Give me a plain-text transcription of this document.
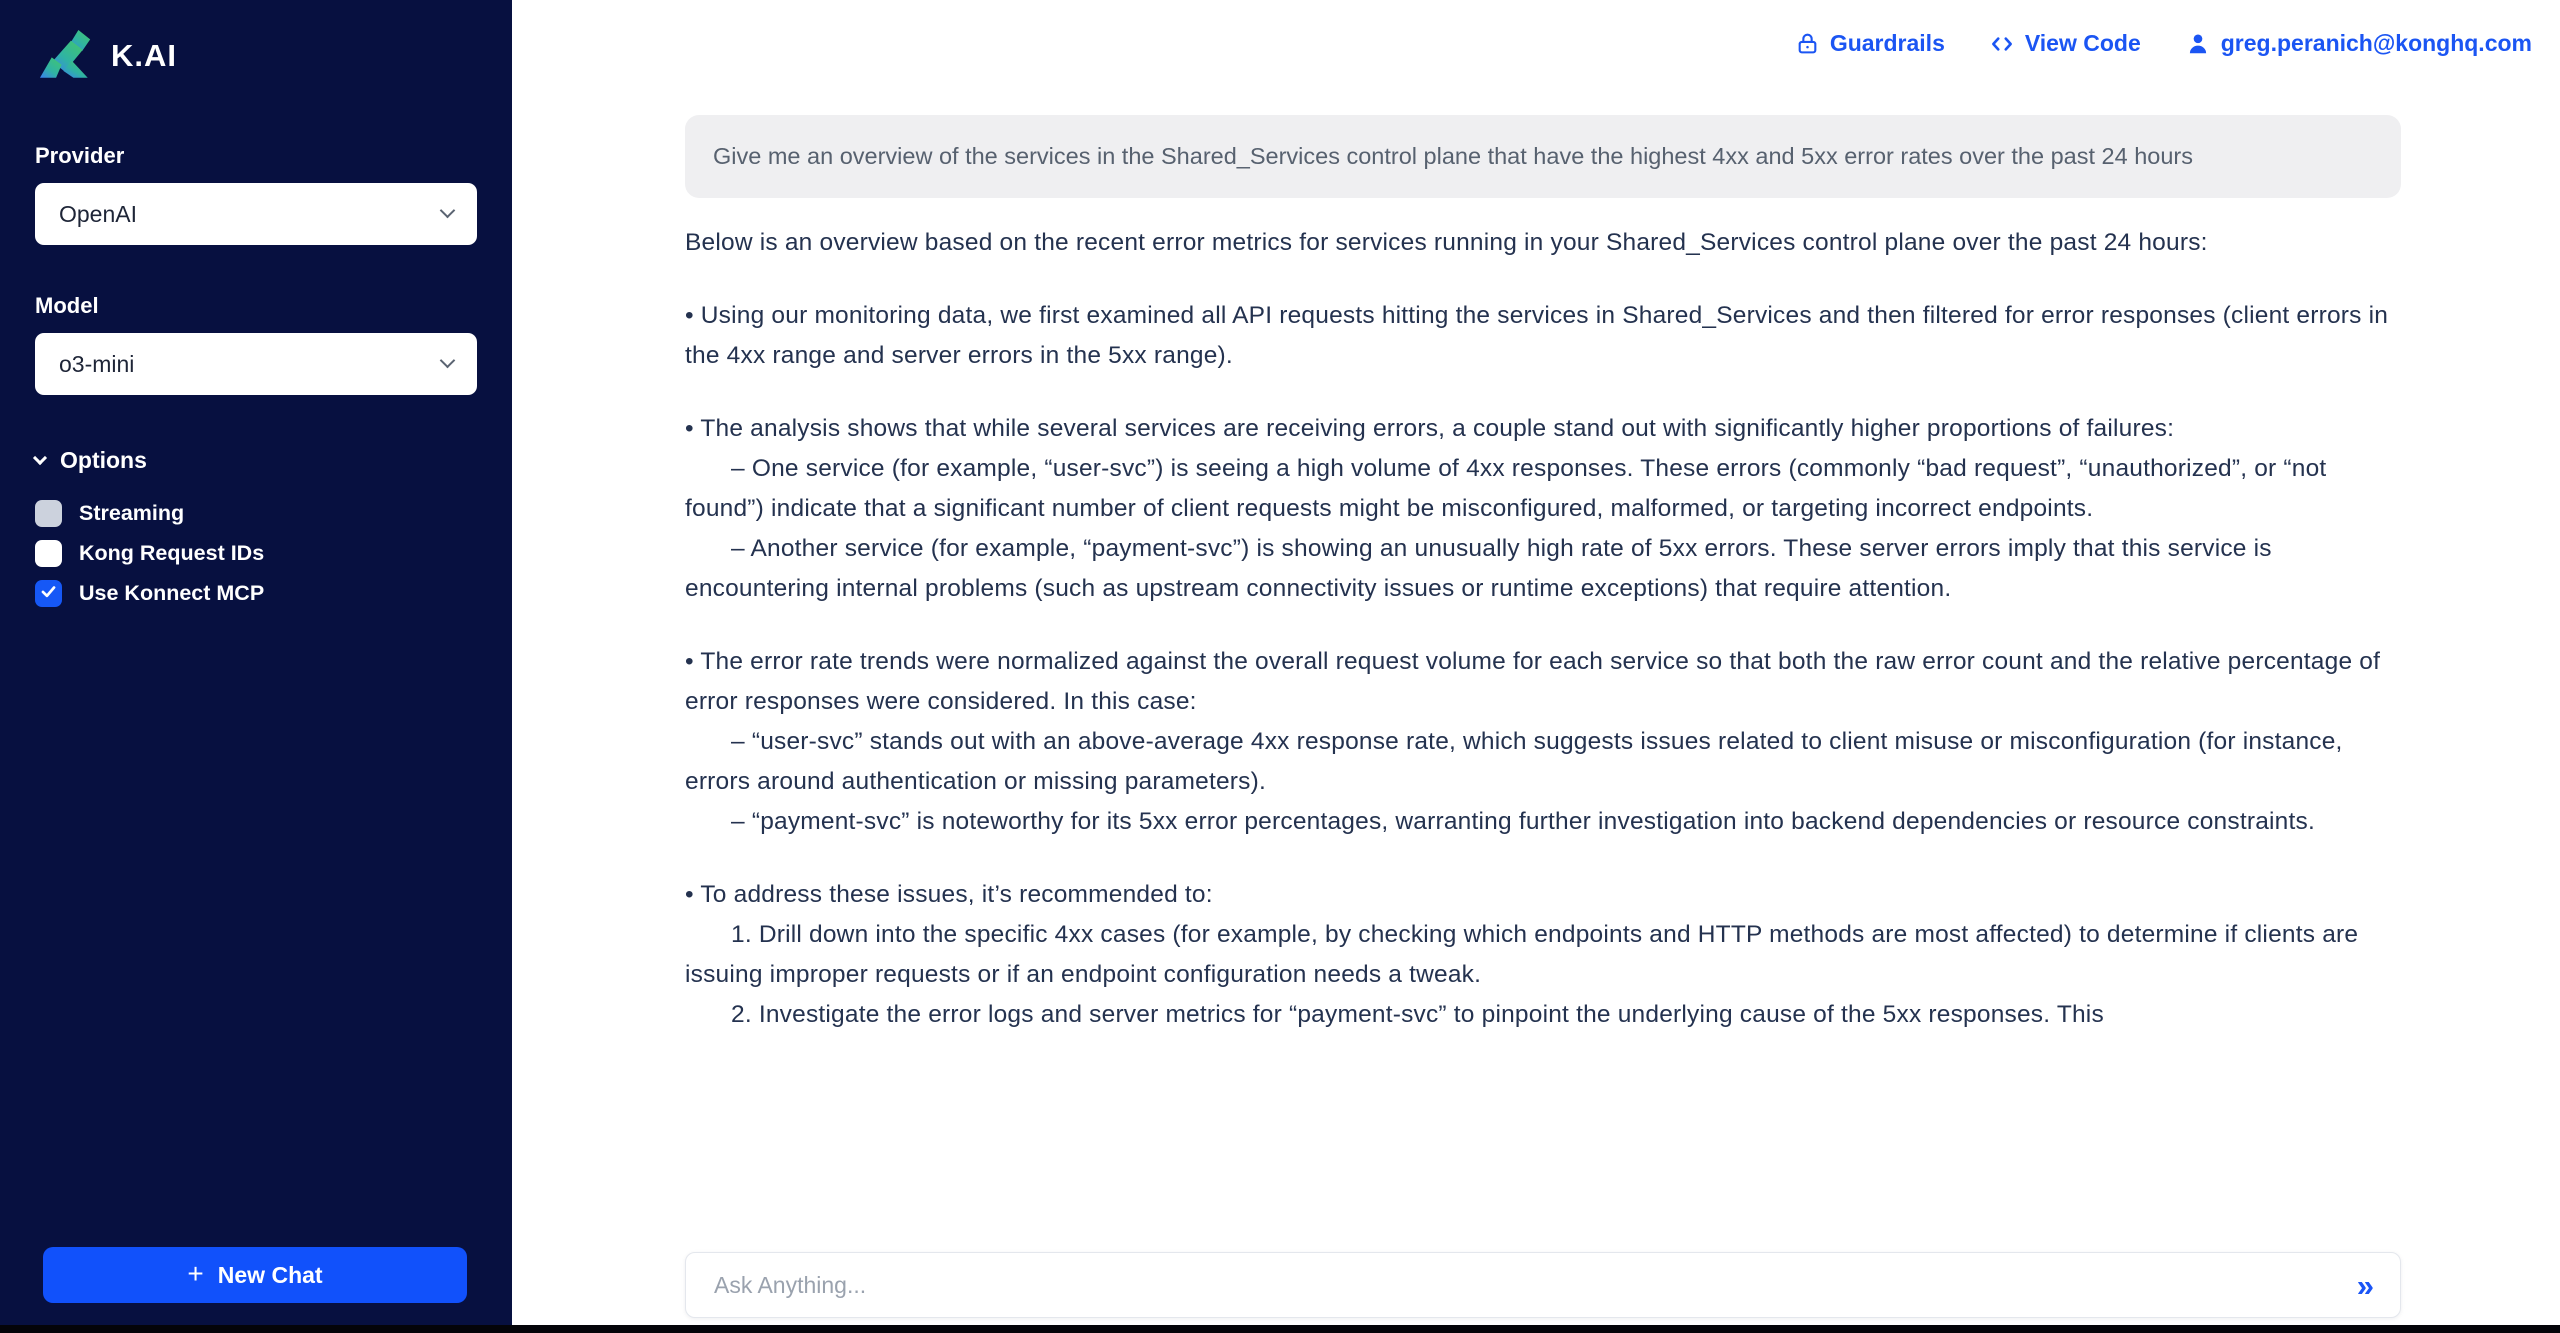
K.AI
Provider
OpenAI
Model
o3-mini
Options
Streaming
Kong Request IDs
Use Konnect MCP
+ New Chat
Guardrails	View Code	greg.peranich@konghq.com
Give me an overview of the services in the Shared_Services control plane that have the highest 4xx and 5xx error rates over the past 24 hours

Below is an overview based on the recent error metrics for services running in your Shared_Services control plane over the past 24 hours:

• Using our monitoring data, we first examined all API requests hitting the services in Shared_Services and then filtered for error responses (client errors in the 4xx range and server errors in the 5xx range).

• The analysis shows that while several services are receiving errors, a couple stand out with significantly higher proportions of failures:

– One service (for example, “user-svc”) is seeing a high volume of 4xx responses. These errors (commonly “bad request”, “unauthorized”, or “not found”) indicate that a significant number of client requests might be misconfigured, malformed, or targeting incorrect endpoints.

– Another service (for example, “payment-svc”) is showing an unusually high rate of 5xx errors. These server errors imply that this service is encountering internal problems (such as upstream connectivity issues or runtime exceptions) that require attention.

• The error rate trends were normalized against the overall request volume for each service so that both the raw error count and the relative percentage of error responses were considered. In this case:

– “user-svc” stands out with an above-average 4xx response rate, which suggests issues related to client misuse or misconfiguration (for instance, errors around authentication or missing parameters).

– “payment-svc” is noteworthy for its 5xx error percentages, warranting further investigation into backend dependencies or resource constraints.

• To address these issues, it’s recommended to:

1. Drill down into the specific 4xx cases (for example, by checking which endpoints and HTTP methods are most affected) to determine if clients are issuing improper requests or if an endpoint configuration needs a tweak.

2. Investigate the error logs and server metrics for “payment-svc” to pinpoint the underlying cause of the 5xx responses. This

Ask Anything...
»
